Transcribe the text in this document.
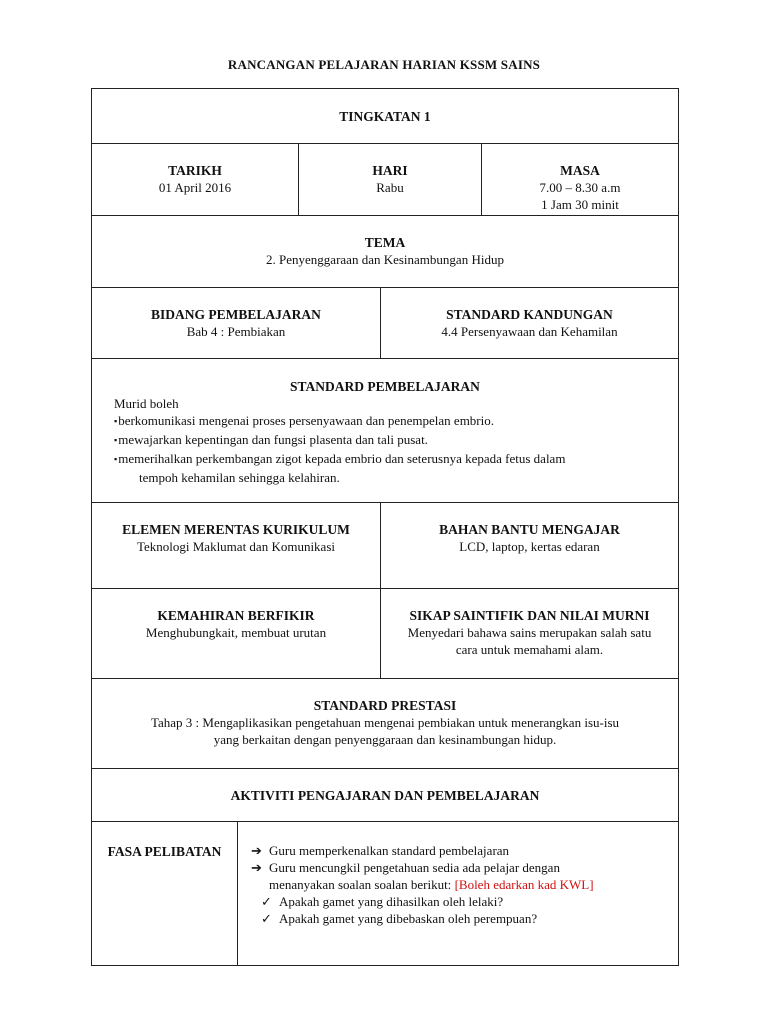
RANCANGAN PELAJARAN HARIAN KSSM SAINS
TINGKATAN 1
TARIKH
01 April 2016
HARI
Rabu
MASA
7.00 – 8.30 a.m
1 Jam 30 minit
TEMA
2. Penyenggaraan dan Kesinambungan Hidup
BIDANG PEMBELAJARAN
Bab 4 : Pembiakan
STANDARD KANDUNGAN
4.4 Persenyawaan dan Kehamilan
STANDARD PEMBELAJARAN
Murid boleh
▪berkomunikasi mengenai proses persenyawaan dan penempelan embrio.
▪mewajarkan kepentingan dan fungsi plasenta dan tali pusat.
▪memerihalkan perkembangan zigot kepada embrio dan seterusnya kepada fetus dalam
tempoh kehamilan sehingga kelahiran.
ELEMEN MERENTAS KURIKULUM
Teknologi Maklumat dan Komunikasi
BAHAN BANTU MENGAJAR
LCD, laptop, kertas edaran
KEMAHIRAN BERFIKIR
Menghubungkait, membuat urutan
SIKAP SAINTIFIK DAN NILAI MURNI
Menyedari bahawa sains merupakan salah satu
cara untuk memahami alam.
STANDARD PRESTASI
Tahap 3 : Mengaplikasikan pengetahuan mengenai pembiakan untuk menerangkan isu-isu
yang berkaitan dengan penyenggaraan dan kesinambungan hidup.
AKTIVITI PENGAJARAN DAN PEMBELAJARAN
FASA PELIBATAN	➔ Guru memperkenalkan standard pembelajaran
➔ Guru mencungkil pengetahuan sedia ada pelajar dengan
menanyakan soalan soalan berikut:
[Boleh edarkan kad KWL]
✓ Apakah gamet yang dihasilkan oleh lelaki?
✓ Apakah gamet yang dibebaskan oleh perempuan?
